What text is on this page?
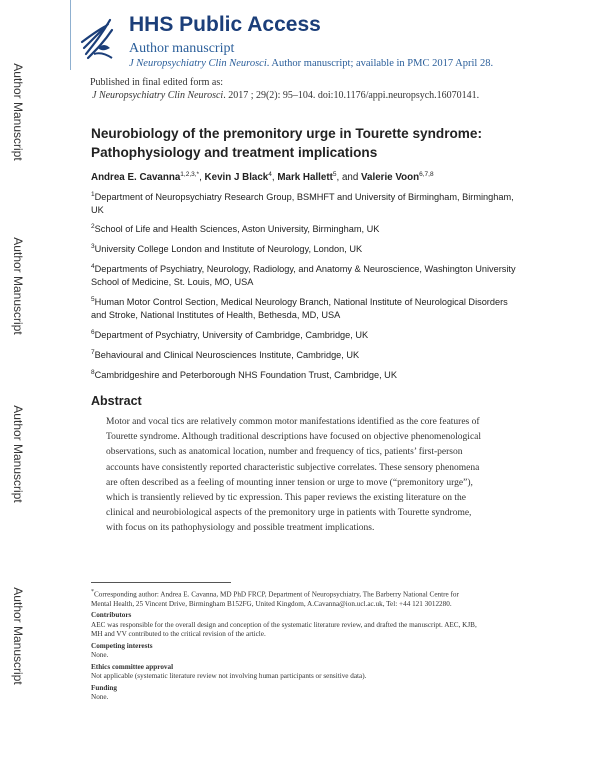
Author Manuscript
Author Manuscript
Author Manuscript
Author Manuscript
HHS Public Access
Author manuscript
J Neuropsychiatry Clin Neurosci. Author manuscript; available in PMC 2017 April 28.
Published in final edited form as:
J Neuropsychiatry Clin Neurosci. 2017 ; 29(2): 95–104. doi:10.1176/appi.neuropsych.16070141.
Neurobiology of the premonitory urge in Tourette syndrome: Pathophysiology and treatment implications
Andrea E. Cavanna$^{1,2,3,*}$, Kevin J Black$^4$, Mark Hallett$^5$, and Valerie Voon$^{6,7,8}$
$^1$Department of Neuropsychiatry Research Group, BSMHFT and University of Birmingham, Birmingham, UK
$^2$School of Life and Health Sciences, Aston University, Birmingham, UK
$^3$University College London and Institute of Neurology, London, UK
$^4$Departments of Psychiatry, Neurology, Radiology, and Anatomy & Neuroscience, Washington University School of Medicine, St. Louis, MO, USA
$^5$Human Motor Control Section, Medical Neurology Branch, National Institute of Neurological Disorders and Stroke, National Institutes of Health, Bethesda, MD, USA
$^6$Department of Psychiatry, University of Cambridge, Cambridge, UK
$^7$Behavioural and Clinical Neurosciences Institute, Cambridge, UK
$^8$Cambridgeshire and Peterborough NHS Foundation Trust, Cambridge, UK
Abstract
Motor and vocal tics are relatively common motor manifestations identified as the core features of
Tourette syndrome. Although traditional descriptions have focused on objective phenomenological
observations, such as anatomical location, number and frequency of tics, patients’ first-person
accounts have consistently reported characteristic subjective correlates. These sensory phenomena
are often described as a feeling of mounting inner tension or urge to move (“premonitory urge”),
which is transiently relieved by tic expression. This paper reviews the existing literature on the
clinical and neurobiological aspects of the premonitory urge in patients with Tourette syndrome,
with focus on its pathophysiology and possible treatment implications.
*Corresponding author: Andrea E. Cavanna, MD PhD FRCP, Department of Neuropsychiatry, The Barberry National Centre for
Mental Health, 25 Vincent Drive, Birmingham B152FG, United Kingdom, A.Cavanna@ion.ucl.ac.uk, Tel: +44 121 3012280.
Contributors
AEC was responsible for the overall design and conception of the systematic literature review, and drafted the manuscript. AEC, KJB,
MH and VV contributed to the critical revision of the article.
Competing interests
None.
Ethics committee approval
Not applicable (systematic literature review not involving human participants or sensitive data).
Funding
None.
